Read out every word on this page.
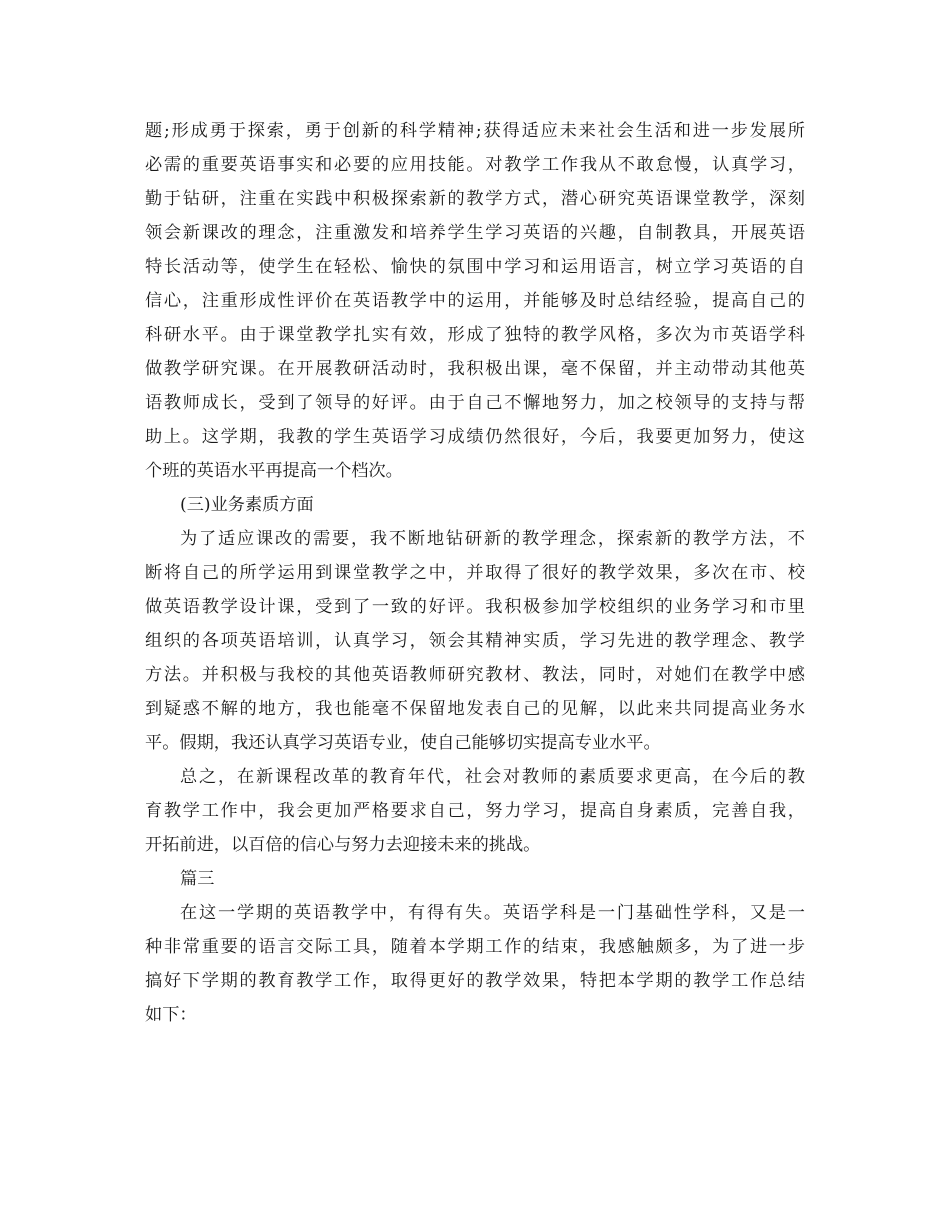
题;形成勇于探索，勇于创新的科学精神;获得适应未来社会生活和进一步发展所
必需的重要英语事实和必要的应用技能。对教学工作我从不敢怠慢，认真学习，
勤于钻研，注重在实践中积极探索新的教学方式，潜心研究英语课堂教学，深刻
领会新课改的理念，注重激发和培养学生学习英语的兴趣，自制教具，开展英语
特长活动等，使学生在轻松、愉快的氛围中学习和运用语言，树立学习英语的自
信心，注重形成性评价在英语教学中的运用，并能够及时总结经验，提高自己的
科研水平。由于课堂教学扎实有效，形成了独特的教学风格，多次为市英语学科
做教学研究课。在开展教研活动时，我积极出课，毫不保留，并主动带动其他英
语教师成长，受到了领导的好评。由于自己不懈地努力，加之校领导的支持与帮
助上。这学期，我教的学生英语学习成绩仍然很好，今后，我要更加努力，使这
个班的英语水平再提高一个档次。
(三)业务素质方面
为了适应课改的需要，我不断地钻研新的教学理念，探索新的教学方法，不
断将自己的所学运用到课堂教学之中，并取得了很好的教学效果，多次在市、校
做英语教学设计课，受到了一致的好评。我积极参加学校组织的业务学习和市里
组织的各项英语培训，认真学习，领会其精神实质，学习先进的教学理念、教学
方法。并积极与我校的其他英语教师研究教材、教法，同时，对她们在教学中感
到疑惑不解的地方，我也能毫不保留地发表自己的见解，以此来共同提高业务水
平。假期，我还认真学习英语专业，使自己能够切实提高专业水平。
总之，在新课程改革的教育年代，社会对教师的素质要求更高，在今后的教
育教学工作中，我会更加严格要求自己，努力学习，提高自身素质，完善自我，
开拓前进，以百倍的信心与努力去迎接未来的挑战。
篇三
在这一学期的英语教学中，有得有失。英语学科是一门基础性学科，又是一
种非常重要的语言交际工具，随着本学期工作的结束，我感触颇多，为了进一步
搞好下学期的教育教学工作，取得更好的教学效果，特把本学期的教学工作总结
如下：
